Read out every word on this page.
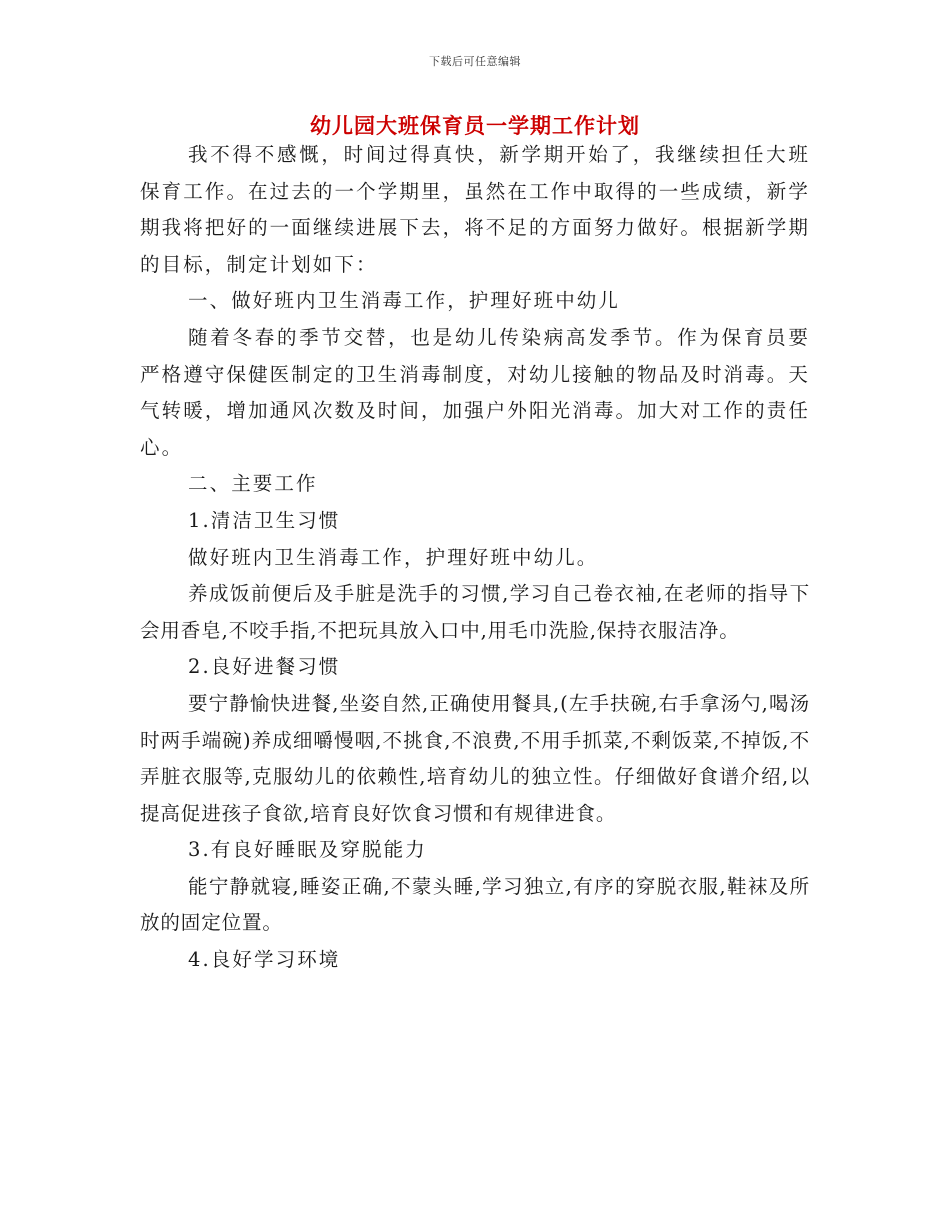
下载后可任意编辑
幼儿园大班保育员一学期工作计划

我不得不感慨，时间过得真快，新学期开始了，我继续担任大班保育工作。在过去的一个学期里，虽然在工作中取得的一些成绩，新学期我将把好的一面继续进展下去，将不足的方面努力做好。根据新学期的目标，制定计划如下：

一、做好班内卫生消毒工作，护理好班中幼儿

随着冬春的季节交替，也是幼儿传染病高发季节。作为保育员要严格遵守保健医制定的卫生消毒制度，对幼儿接触的物品及时消毒。天气转暖，增加通风次数及时间，加强户外阳光消毒。加大对工作的责任心。

二、主要工作

1.清洁卫生习惯

做好班内卫生消毒工作，护理好班中幼儿。

养成饭前便后及手脏是洗手的习惯,学习自己卷衣袖,在老师的指导下会用香皂,不咬手指,不把玩具放入口中,用毛巾洗脸,保持衣服洁净。

2.良好进餐习惯

要宁静愉快进餐,坐姿自然,正确使用餐具,(左手扶碗,右手拿汤勺,喝汤时两手端碗)养成细嚼慢咽,不挑食,不浪费,不用手抓菜,不剩饭菜,不掉饭,不弄脏衣服等,克服幼儿的依赖性,培育幼儿的独立性。仔细做好食谱介绍,以提高促进孩子食欲,培育良好饮食习惯和有规律进食。

3.有良好睡眠及穿脱能力

能宁静就寝,睡姿正确,不蒙头睡,学习独立,有序的穿脱衣服,鞋袜及所放的固定位置。

4.良好学习环境
